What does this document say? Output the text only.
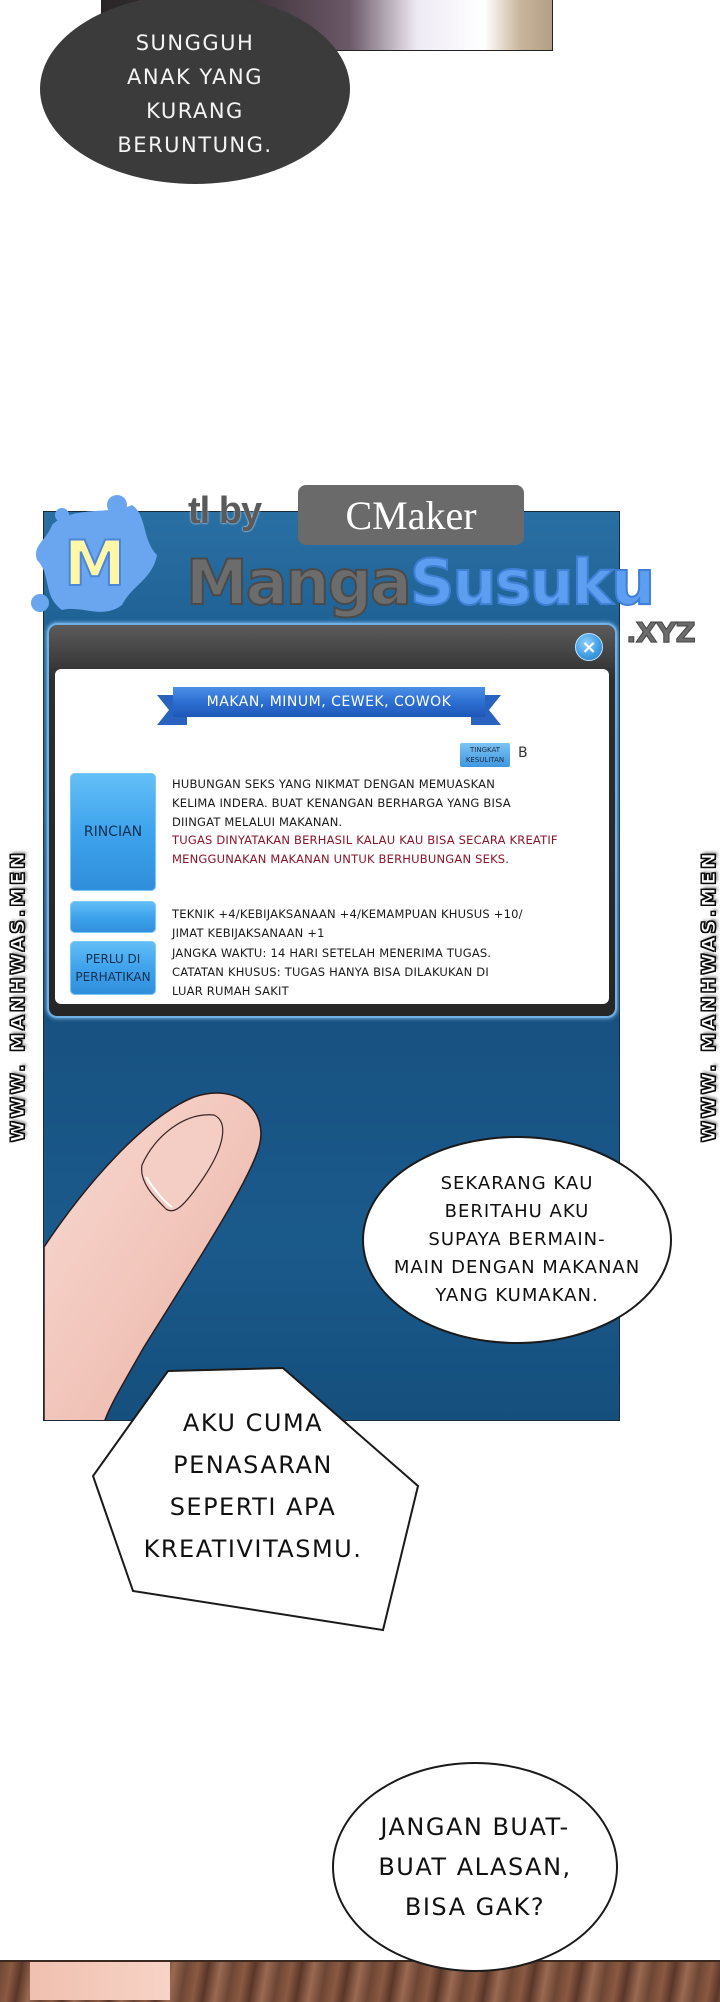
SUNGGUH
ANAK YANG
KURANG
BERUNTUNG.
M
tl by	CMaker
MangaSusuku
.XYZ
×
MAKAN, MINUM, CEWEK, COWOK
TINGKAT
KESULITAN B
RINCIAN
PERLU DI
PERHATIKAN
HUBUNGAN SEKS YANG NIKMAT DENGAN MEMUASKAN
KELIMA INDERA. BUAT KENANGAN BERHARGA YANG BISA
DIINGAT MELALUI MAKANAN.
TUGAS DINYATAKAN BERHASIL KALAU KAU BISA SECARA KREATIF
MENGGUNAKAN MAKANAN UNTUK BERHUBUNGAN SEKS.
TEKNIK +4/KEBIJAKSANAAN +4/KEMAMPUAN KHUSUS +10/
JIMAT KEBIJAKSANAAN +1
JANGKA WAKTU: 14 HARI SETELAH MENERIMA TUGAS.
CATATAN KHUSUS: TUGAS HANYA BISA DILAKUKAN DI
LUAR RUMAH SAKIT
WWW. MANHWAS.MEN	WWW. MANHWAS.MEN
SEKARANG KAU
BERITAHU AKU
SUPAYA BERMAIN-
MAIN DENGAN MAKANAN
YANG KUMAKAN.
AKU CUMA
PENASARAN
SEPERTI APA
KREATIVITASMU.
JANGAN BUAT-
BUAT ALASAN,
BISA GAK?
